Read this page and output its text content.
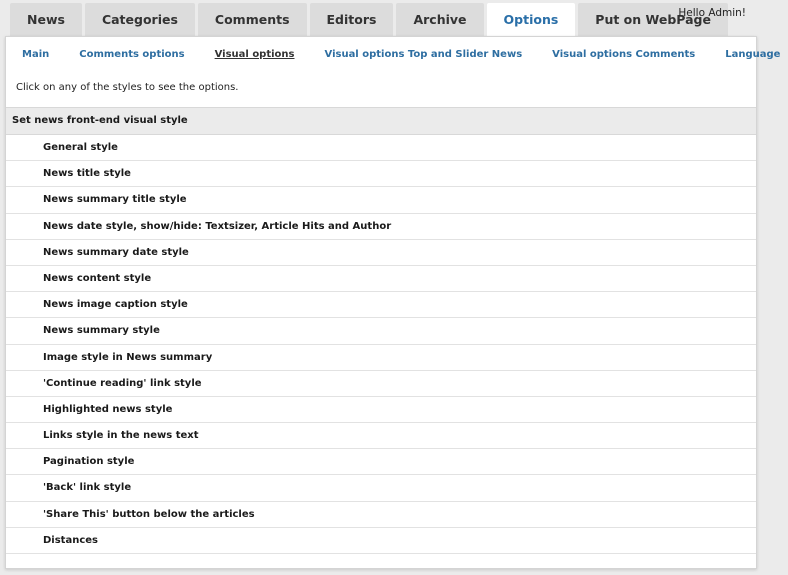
News	Categories	Comments	Editors	Archive	Options	Put on WebPage
Hello Admin!
Main	Comments options	Visual options	Visual options Top and Slider News	Visual options Comments	Language
Click on any of the styles to see the options.
Set news front-end visual style
General style
News title style
News summary title style
News date style, show/hide: Textsizer, Article Hits and Author
News summary date style
News content style
News image caption style
News summary style
Image style in News summary
'Continue reading' link style
Highlighted news style
Links style in the news text
Pagination style
'Back' link style
'Share This' button below the articles
Distances
